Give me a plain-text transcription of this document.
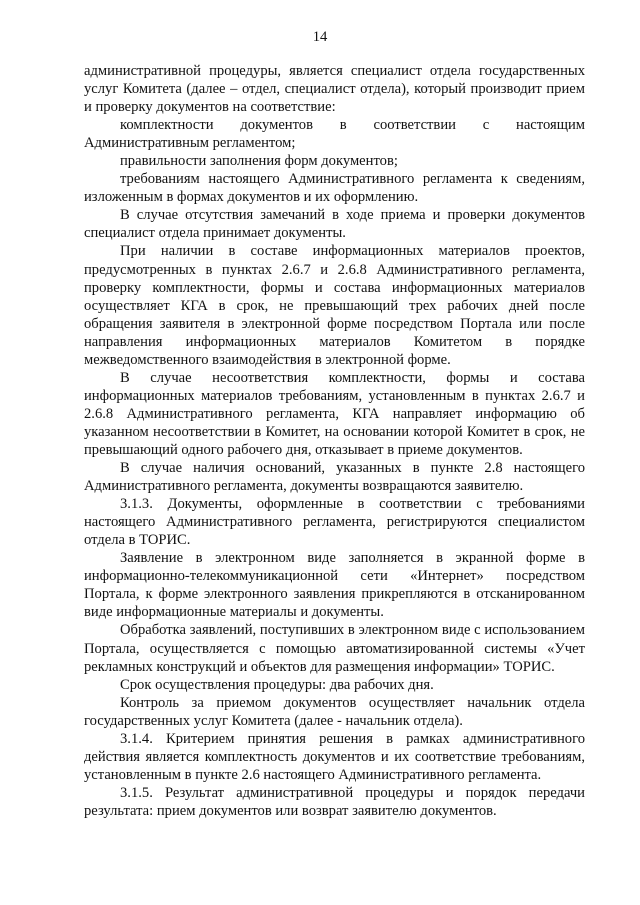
14

административной процедуры, является специалист отдела государственных услуг Комитета (далее – отдел, специалист отдела), который производит прием и проверку документов на соответствие:

комплектности документов в соответствии с настоящим Административным регламентом;

правильности заполнения форм документов;

требованиям настоящего Административного регламента к сведениям, изложенным в формах документов и их оформлению.

В случае отсутствия замечаний в ходе приема и проверки документов специалист отдела принимает документы.

При наличии в составе информационных материалов проектов, предусмотренных в пунктах 2.6.7 и 2.6.8 Административного регламента, проверку комплектности, формы и состава информационных материалов осуществляет КГА в срок, не превышающий трех рабочих дней после обращения заявителя в электронной форме посредством Портала или после направления информационных материалов Комитетом в порядке межведомственного взаимодействия в электронной форме.

В случае несоответствия комплектности, формы и состава информационных материалов требованиям, установленным в пунктах 2.6.7 и 2.6.8 Административного регламента, КГА направляет информацию об указанном несоответствии в Комитет, на основании которой Комитет в срок, не превышающий одного рабочего дня, отказывает в приеме документов.

В случае наличия оснований, указанных в пункте 2.8 настоящего Административного регламента, документы возвращаются заявителю.

3.1.3. Документы, оформленные в соответствии с требованиями настоящего Административного регламента, регистрируются специалистом отдела в ТОРИС.

Заявление в электронном виде заполняется в экранной форме в информационно-телекоммуникационной сети «Интернет» посредством Портала, к форме электронного заявления прикрепляются в отсканированном виде информационные материалы и документы.

Обработка заявлений, поступивших в электронном виде с использованием Портала, осуществляется с помощью автоматизированной системы «Учет рекламных конструкций и объектов для размещения информации» ТОРИС.

Срок осуществления процедуры: два рабочих дня.

Контроль за приемом документов осуществляет начальник отдела государственных услуг Комитета (далее - начальник отдела).

3.1.4. Критерием принятия решения в рамках административного действия является комплектность документов и их соответствие требованиям, установленным в пункте 2.6 настоящего Административного регламента.

3.1.5. Результат административной процедуры и порядок передачи результата: прием документов или возврат заявителю документов.
